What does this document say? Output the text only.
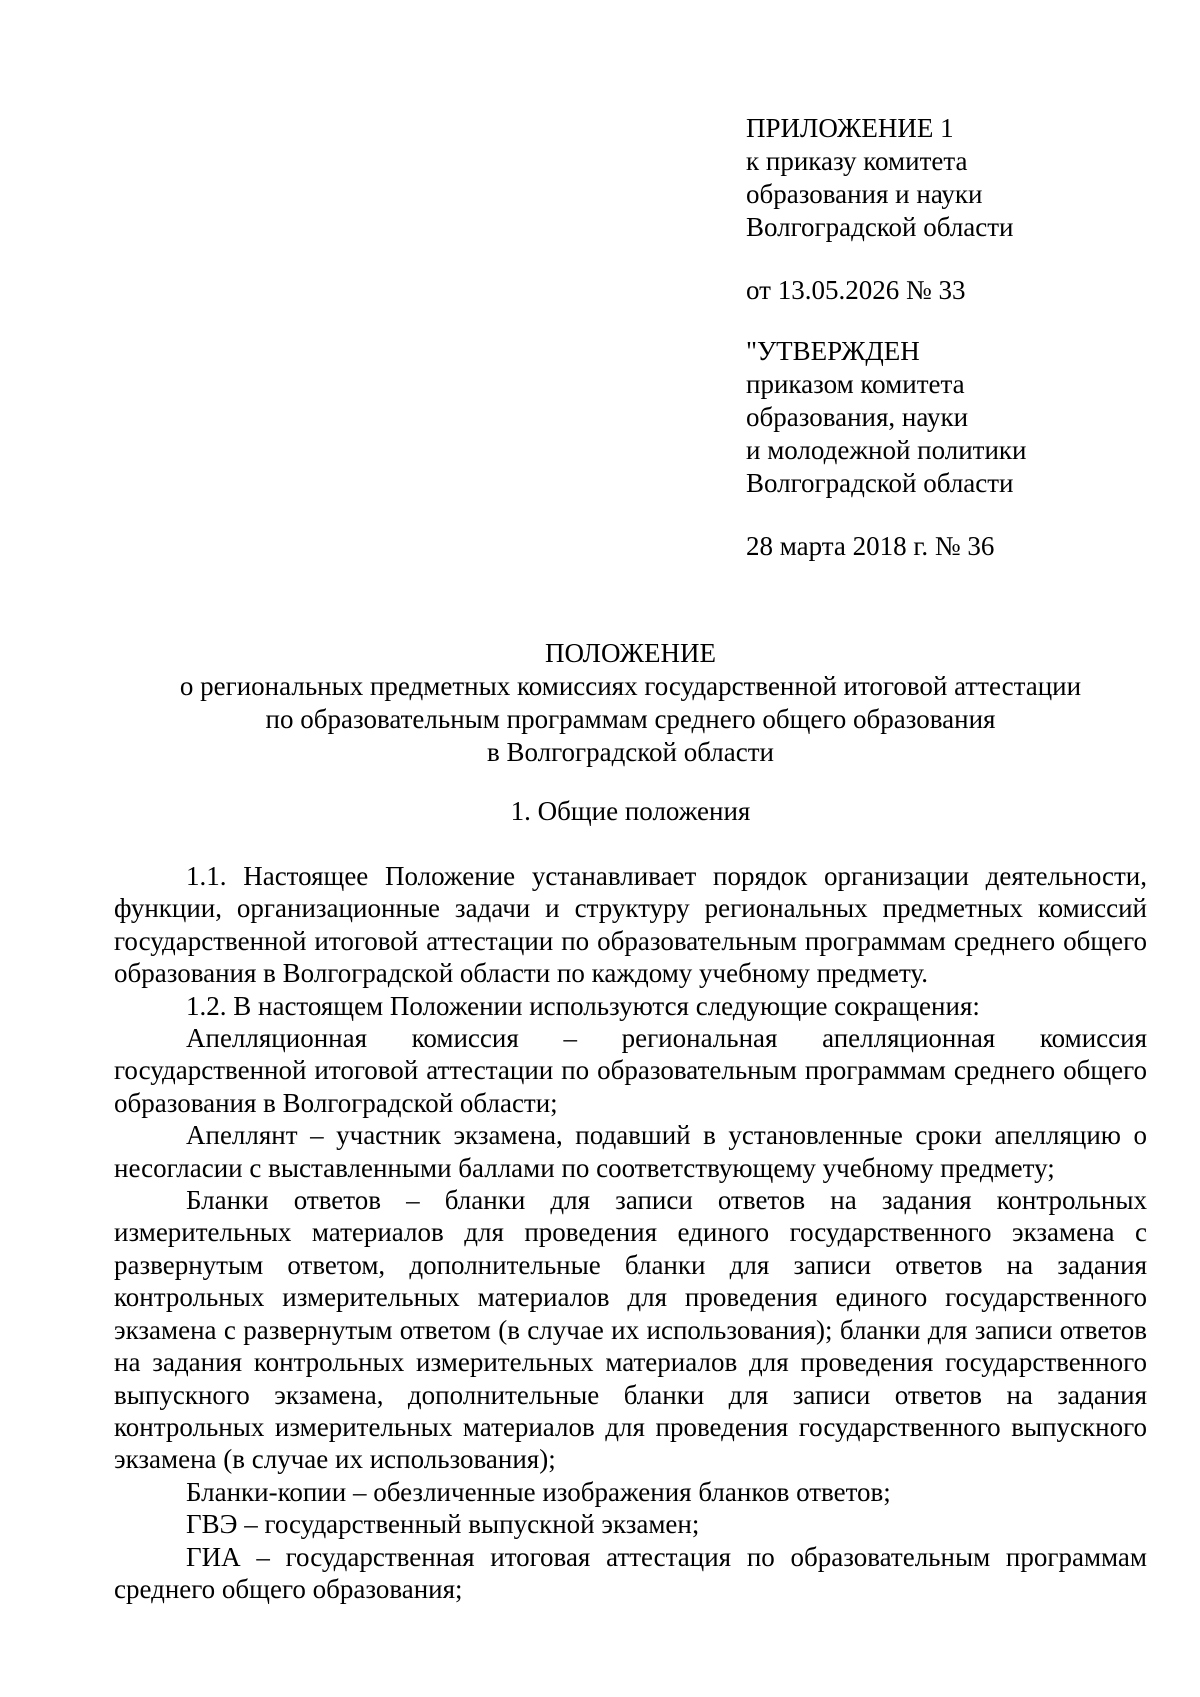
ПРИЛОЖЕНИЕ 1
к приказу комитета
образования и науки
Волгоградской области
от 13.05.2026 № 33
"УТВЕРЖДЕН
приказом комитета
образования, науки
и молодежной политики
Волгоградской области
28 марта 2018 г. № 36
ПОЛОЖЕНИЕ
о региональных предметных комиссиях государственной итоговой аттестации
по образовательным программам среднего общего образования
в Волгоградской области
1. Общие положения

1.1. Настоящее Положение устанавливает порядок организации деятельности, функции, организационные задачи и структуру региональных предметных комиссий государственной итоговой аттестации по образовательным программам среднего общего образования в Волгоградской области по каждому учебному предмету.

1.2. В настоящем Положении используются следующие сокращения:

Апелляционная комиссия – региональная апелляционная комиссия государственной итоговой аттестации по образовательным программам среднего общего образования в Волгоградской области;

Апеллянт – участник экзамена, подавший в установленные сроки апелляцию о несогласии с выставленными баллами по соответствующему учебному предмету;

Бланки ответов – бланки для записи ответов на задания контрольных измерительных материалов для проведения единого государственного экзамена с развернутым ответом, дополнительные бланки для записи ответов на задания контрольных измерительных материалов для проведения единого государственного экзамена с развернутым ответом (в случае их использования); бланки для записи ответов на задания контрольных измерительных материалов для проведения государственного выпускного экзамена, дополнительные бланки для записи ответов на задания контрольных измерительных материалов для проведения государственного выпускного экзамена (в случае их использования);

Бланки-копии – обезличенные изображения бланков ответов;

ГВЭ – государственный выпускной экзамен;

ГИА – государственная итоговая аттестация по образовательным программам среднего общего образования;
